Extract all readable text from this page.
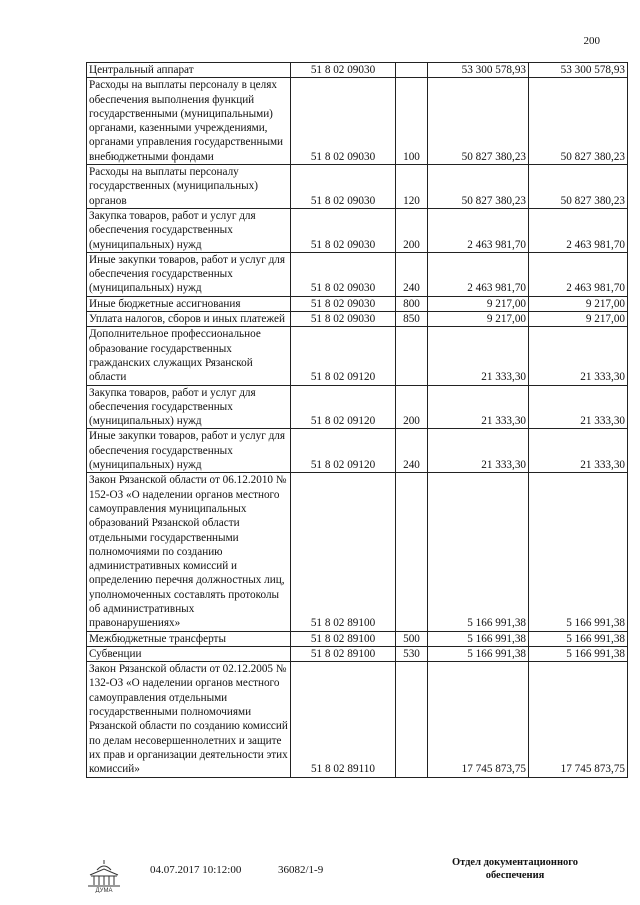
200
Центральный аппарат	51 8 02 09030		53 300 578,93	53 300 578,93
Расходы на выплаты персоналу в целях обеспечения выполнения функций государственными (муниципальными) органами, казенными учреждениями, органами управления государственными внебюджетными фондами	51 8 02 09030	100	50 827 380,23	50 827 380,23
Расходы на выплаты персоналу государственных (муниципальных) органов	51 8 02 09030	120	50 827 380,23	50 827 380,23
Закупка товаров, работ и услуг для обеспечения государственных (муниципальных) нужд	51 8 02 09030	200	2 463 981,70	2 463 981,70
Иные закупки товаров, работ и услуг для обеспечения государственных (муниципальных) нужд	51 8 02 09030	240	2 463 981,70	2 463 981,70
Иные бюджетные ассигнования	51 8 02 09030	800	9 217,00	9 217,00
Уплата налогов, сборов и иных платежей	51 8 02 09030	850	9 217,00	9 217,00
Дополнительное профессиональное образование государственных гражданских служащих Рязанской области	51 8 02 09120		21 333,30	21 333,30
Закупка товаров, работ и услуг для обеспечения государственных (муниципальных) нужд	51 8 02 09120	200	21 333,30	21 333,30
Иные закупки товаров, работ и услуг для обеспечения государственных (муниципальных) нужд	51 8 02 09120	240	21 333,30	21 333,30
Закон Рязанской области от 06.12.2010 № 152-ОЗ «О наделении органов местного самоуправления муниципальных образований Рязанской области отдельными государственными полномочиями по созданию административных комиссий и определению перечня должностных лиц, уполномоченных составлять протоколы об административных правонарушениях»	51 8 02 89100		5 166 991,38	5 166 991,38
Межбюджетные трансферты	51 8 02 89100	500	5 166 991,38	5 166 991,38
Субвенции	51 8 02 89100	530	5 166 991,38	5 166 991,38
Закон Рязанской области от 02.12.2005 № 132-ОЗ «О наделении органов местного самоуправления отдельными государственными полномочиями Рязанской области по созданию комиссий по делам несовершеннолетних и защите их прав и организации деятельности этих комиссий»	51 8 02 89110		17 745 873,75	17 745 873,75
ДУМА
04.07.2017 10:12:00	36082/1-9
Отдел документационного обеспечения
